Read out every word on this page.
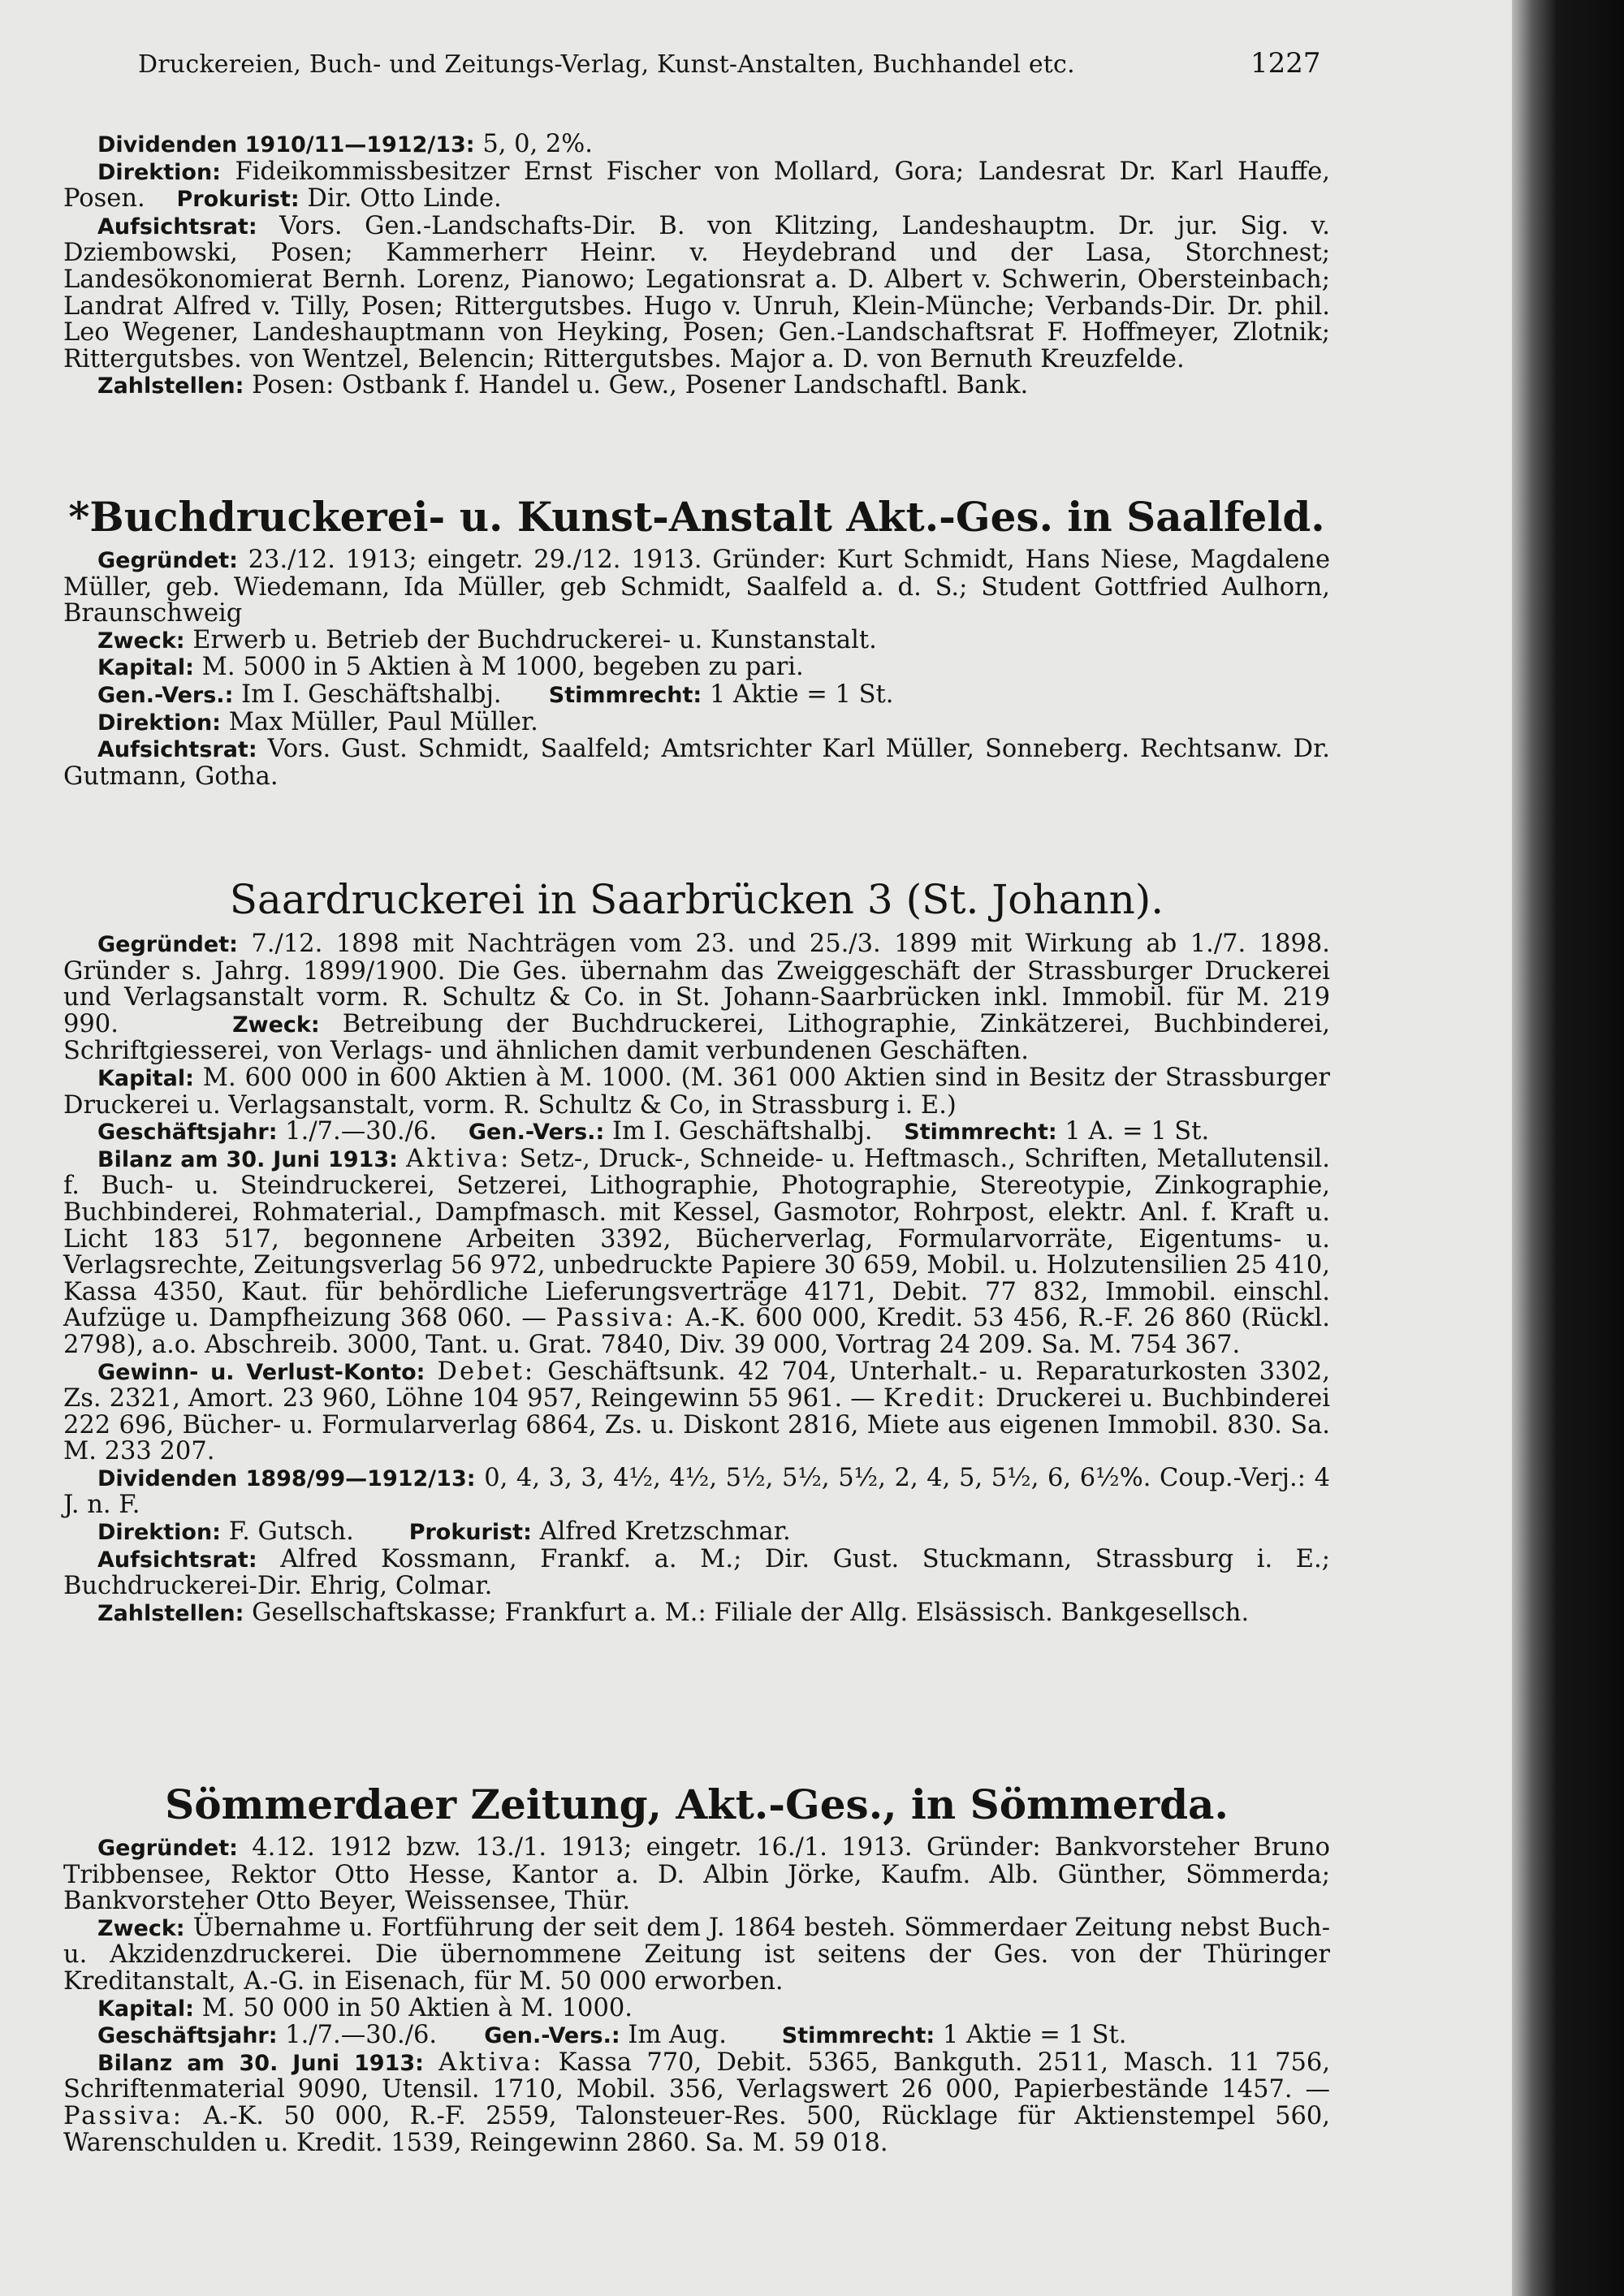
Druckereien, Buch- und Zeitungs-Verlag, Kunst-Anstalten, Buchhandel etc.	1227

Dividenden 1910/11—1912/13: 5, 0, 2%.

Direktion: Fideikommissbesitzer Ernst Fischer von Mollard, Gora; Landesrat Dr. Karl Hauffe, Posen. Prokurist: Dir. Otto Linde.

Aufsichtsrat: Vors. Gen.-Landschafts-Dir. B. von Klitzing, Landeshauptm. Dr. jur. Sig. v. Dziembowski, Posen; Kammerherr Heinr. v. Heydebrand und der Lasa, Storchnest; Landesökonomierat Bernh. Lorenz, Pianowo; Legationsrat a. D. Albert v. Schwerin, Obersteinbach; Landrat Alfred v. Tilly, Posen; Rittergutsbes. Hugo v. Unruh, Klein-Münche; Verbands-Dir. Dr. phil. Leo Wegener, Landeshauptmann von Heyking, Posen; Gen.-Landschaftsrat F. Hoffmeyer, Zlotnik; Rittergutsbes. von Wentzel, Belencin; Rittergutsbes. Major a. D. von Bernuth Kreuzfelde.

Zahlstellen: Posen: Ostbank f. Handel u. Gew., Posener Landschaftl. Bank.

*Buchdruckerei- u. Kunst-Anstalt Akt.-Ges. in Saalfeld.

Gegründet: 23./12. 1913; eingetr. 29./12. 1913. Gründer: Kurt Schmidt, Hans Niese, Magdalene Müller, geb. Wiedemann, Ida Müller, geb Schmidt, Saalfeld a. d. S.; Student Gottfried Aulhorn, Braunschweig

Zweck: Erwerb u. Betrieb der Buchdruckerei- u. Kunstanstalt.

Kapital: M. 5000 in 5 Aktien à M 1000, begeben zu pari.

Gen.-Vers.: Im I. Geschäftshalbj. Stimmrecht: 1 Aktie = 1 St.

Direktion: Max Müller, Paul Müller.

Aufsichtsrat: Vors. Gust. Schmidt, Saalfeld; Amtsrichter Karl Müller, Sonneberg. Rechtsanw. Dr. Gutmann, Gotha.

Saardruckerei in Saarbrücken 3 (St. Johann).

Gegründet: 7./12. 1898 mit Nachträgen vom 23. und 25./3. 1899 mit Wirkung ab 1./7. 1898. Gründer s. Jahrg. 1899/1900. Die Ges. übernahm das Zweiggeschäft der Strassburger Druckerei und Verlagsanstalt vorm. R. Schultz & Co. in St. Johann-Saarbrücken inkl. Immobil. für M. 219 990.	Zweck: Betreibung der Buchdruckerei, Lithographie, Zinkätzerei, Buchbinderei, Schriftgiesserei, von Verlags- und ähnlichen damit verbundenen Geschäften.

Kapital: M. 600 000 in 600 Aktien à M. 1000. (M. 361 000 Aktien sind in Besitz der Strassburger Druckerei u. Verlagsanstalt, vorm. R. Schultz & Co, in Strassburg i. E.)

Geschäftsjahr: 1./7.—30./6. Gen.-Vers.: Im I. Geschäftshalbj. Stimmrecht: 1 A. = 1 St.

Bilanz am 30. Juni 1913: Aktiva: Setz-, Druck-, Schneide- u. Heftmasch., Schriften, Metallutensil. f. Buch- u. Steindruckerei, Setzerei, Lithographie, Photographie, Stereotypie, Zinkographie, Buchbinderei, Rohmaterial., Dampfmasch. mit Kessel, Gasmotor, Rohrpost, elektr. Anl. f. Kraft u. Licht 183 517, begonnene Arbeiten 3392, Bücherverlag, Formularvorräte, Eigentums- u. Verlagsrechte, Zeitungsverlag 56 972, unbedruckte Papiere 30 659, Mobil. u. Holzutensilien 25 410, Kassa 4350, Kaut. für behördliche Lieferungsverträge 4171, Debit. 77 832, Immobil. einschl. Aufzüge u. Dampfheizung 368 060. — Passiva: A.-K. 600 000, Kredit. 53 456, R.-F. 26 860 (Rückl. 2798), a.o. Abschreib. 3000, Tant. u. Grat. 7840, Div. 39 000, Vortrag 24 209. Sa. M. 754 367.

Gewinn- u. Verlust-Konto: Debet: Geschäftsunk. 42 704, Unterhalt.- u. Reparaturkosten 3302, Zs. 2321, Amort. 23 960, Löhne 104 957, Reingewinn 55 961. — Kredit: Druckerei u. Buchbinderei 222 696, Bücher- u. Formularverlag 6864, Zs. u. Diskont 2816, Miete aus eigenen Immobil. 830. Sa. M. 233 207.

Dividenden 1898/99—1912/13: 0, 4, 3, 3, 4½, 4½, 5½, 5½, 5½, 2, 4, 5, 5½, 6, 6½%. Coup.-Verj.: 4 J. n. F.

Direktion: F. Gutsch.	Prokurist: Alfred Kretzschmar.

Aufsichtsrat: Alfred Kossmann, Frankf. a. M.; Dir. Gust. Stuckmann, Strassburg i. E.; Buchdruckerei-Dir. Ehrig, Colmar.

Zahlstellen: Gesellschaftskasse; Frankfurt a. M.: Filiale der Allg. Elsässisch. Bankgesellsch.

Sömmerdaer Zeitung, Akt.-Ges., in Sömmerda.

Gegründet: 4.12. 1912 bzw. 13./1. 1913; eingetr. 16./1. 1913. Gründer: Bankvorsteher Bruno Tribbensee, Rektor Otto Hesse, Kantor a. D. Albin Jörke, Kaufm. Alb. Günther, Sömmerda; Bankvorsteher Otto Beyer, Weissensee, Thür.

Zweck: Übernahme u. Fortführung der seit dem J. 1864 besteh. Sömmerdaer Zeitung nebst Buch- u. Akzidenzdruckerei. Die übernommene Zeitung ist seitens der Ges. von der Thüringer Kreditanstalt, A.-G. in Eisenach, für M. 50 000 erworben.

Kapital: M. 50 000 in 50 Aktien à M. 1000.

Geschäftsjahr: 1./7.—30./6. Gen.-Vers.: Im Aug.	Stimmrecht: 1 Aktie = 1 St.

Bilanz am 30. Juni 1913: Aktiva: Kassa 770, Debit. 5365, Bankguth. 2511, Masch. 11 756, Schriftenmaterial 9090, Utensil. 1710, Mobil. 356, Verlagswert 26 000, Papierbestände 1457. — Passiva: A.-K. 50 000, R.-F. 2559, Talonsteuer-Res. 500, Rücklage für Aktienstempel 560, Warenschulden u. Kredit. 1539, Reingewinn 2860. Sa. M. 59 018.
